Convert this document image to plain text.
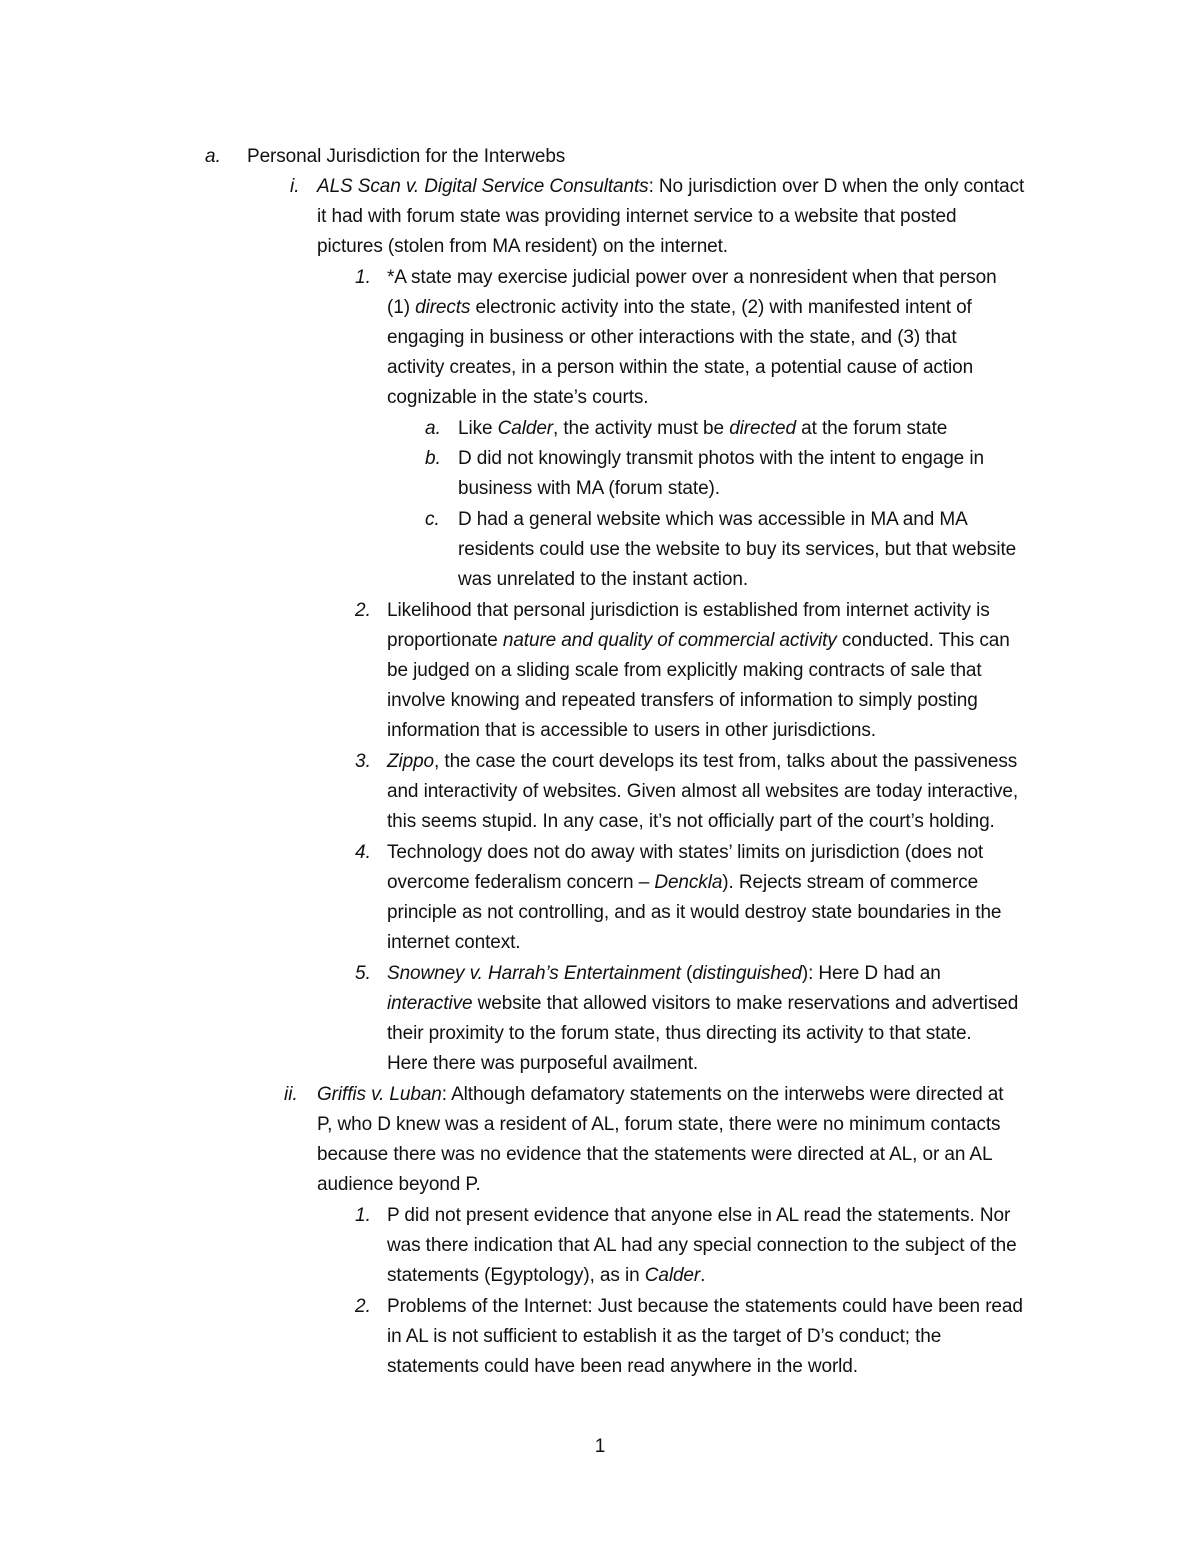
a. Personal Jurisdiction for the Interwebs
i. ALS Scan v. Digital Service Consultants: No jurisdiction over D when the only contact
it had with forum state was providing internet service to a website that posted
pictures (stolen from MA resident) on the internet.
1. *A state may exercise judicial power over a nonresident when that person
(1) directs electronic activity into the state, (2) with manifested intent of
engaging in business or other interactions with the state, and (3) that
activity creates, in a person within the state, a potential cause of action
cognizable in the state’s courts.
a. Like Calder, the activity must be directed at the forum state
b. D did not knowingly transmit photos with the intent to engage in
business with MA (forum state).
c. D had a general website which was accessible in MA and MA
residents could use the website to buy its services, but that website
was unrelated to the instant action.
2. Likelihood that personal jurisdiction is established from internet activity is
proportionate nature and quality of commercial activity conducted. This can
be judged on a sliding scale from explicitly making contracts of sale that
involve knowing and repeated transfers of information to simply posting
information that is accessible to users in other jurisdictions.
3. Zippo, the case the court develops its test from, talks about the passiveness
and interactivity of websites. Given almost all websites are today interactive,
this seems stupid. In any case, it’s not officially part of the court’s holding.
4. Technology does not do away with states’ limits on jurisdiction (does not
overcome federalism concern – Denckla). Rejects stream of commerce
principle as not controlling, and as it would destroy state boundaries in the
internet context.
5. Snowney v. Harrah’s Entertainment (distinguished): Here D had an
interactive website that allowed visitors to make reservations and advertised
their proximity to the forum state, thus directing its activity to that state.
Here there was purposeful availment.
ii. Griffis v. Luban: Although defamatory statements on the interwebs were directed at
P, who D knew was a resident of AL, forum state, there were no minimum contacts
because there was no evidence that the statements were directed at AL, or an AL
audience beyond P.
1. P did not present evidence that anyone else in AL read the statements. Nor
was there indication that AL had any special connection to the subject of the
statements (Egyptology), as in Calder.
2. Problems of the Internet: Just because the statements could have been read
in AL is not sufficient to establish it as the target of D’s conduct; the
statements could have been read anywhere in the world.
1
